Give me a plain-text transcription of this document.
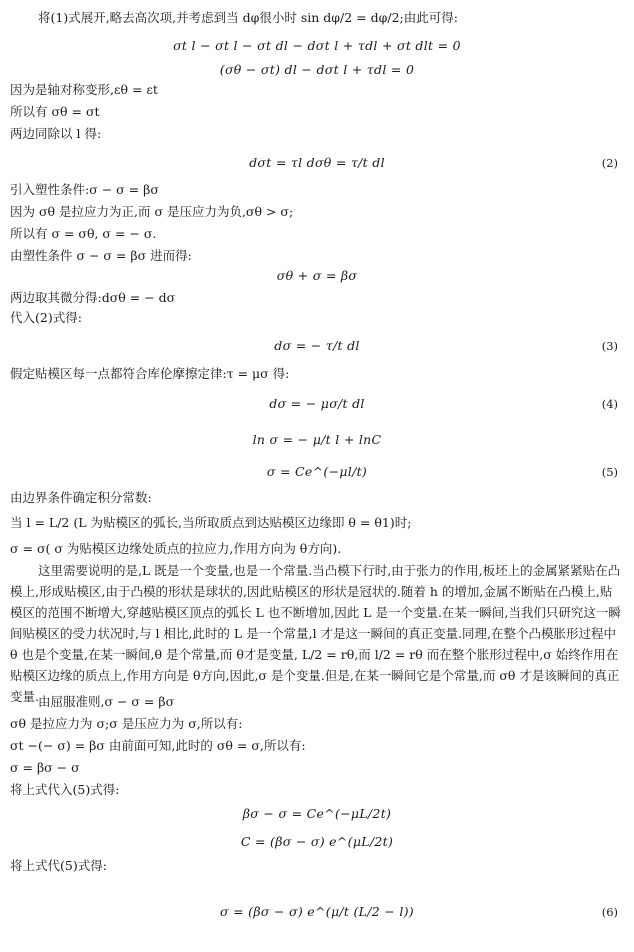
将(1)式展开,略去高次项,并考虑到当 dφ很小时 sin dφ/2 = dφ/2;由此可得:
σt l − σt l − σt dl − dσt l + τdl + σt dlt = 0
(σθ − σt) dl − dσt l + τdl = 0
因为是轴对称变形,εθ = εt
所以有 σθ = σt
两边同除以 l 得:
dσt = τl dσθ = τ/t dl	(2)
引入塑性条件:σ − σ = βσ
因为 σθ 是拉应力为正,而 σ 是压应力为负,σθ > σ;
所以有 σ = σθ, σ = − σ.
由塑性条件 σ − σ = βσ 进而得:
σθ + σ = βσ
两边取其微分得:dσθ = − dσ
代入(2)式得:
dσ = − τ/t dl	(3)
假定贴模区每一点都符合库伦摩擦定律:τ = μσ 得:
dσ = − μσ/t dl	(4)
ln σ = − μ/t l + lnC
σ = Ce^(−μl/t)	(5)
由边界条件确定积分常数:
当 l = L/2 (L 为贴模区的弧长,当所取质点到达贴模区边缘即 θ = θ1)时;
σ = σ( σ 为贴模区边缘处质点的拉应力,作用方向为 θ方向).
这里需要说明的是,L 既是一个变量,也是一个常量.当凸模下行时,由于张力的作用,板坯上的金属紧紧贴在凸模上,形成贴模区,由于凸模的形状是球状的,因此贴模区的形状是冠状的.随着 h 的增加,金属不断贴在凸模上,贴模区的范围不断增大,穿越贴模区顶点的弧长 L 也不断增加,因此 L 是一个变量.在某一瞬间,当我们只研究这一瞬间贴模区的受力状况时,与 l 相比,此时的 L 是一个常量,l 才是这一瞬间的真正变量.同理,在整个凸模胀形过程中 θ 也是个变量,在某一瞬间,θ 是个常量,而 θ才是变量, L/2 = rθ,而 l/2 = rθ 而在整个胀形过程中,σ 始终作用在贴模区边缘的质点上,作用方向是 θ方向,因此,σ 是个变量.但是,在某一瞬间它是个常量,而 σθ 才是该瞬间的真正变量. 由屈服准则,σ − σ = βσ
σθ 是拉应力为 σ;σ 是压应力为 σ,所以有:
σt −(− σ) = βσ 由前面可知,此时的 σθ = σ,所以有:
σ = βσ − σ
将上式代入(5)式得:
βσ − σ = Ce^(−μL/2t)
C = (βσ − σ) e^(μL/2t)
将上式代(5)式得:
σ = (βσ − σ) e^(μ/t (L/2 − l))	(6)
